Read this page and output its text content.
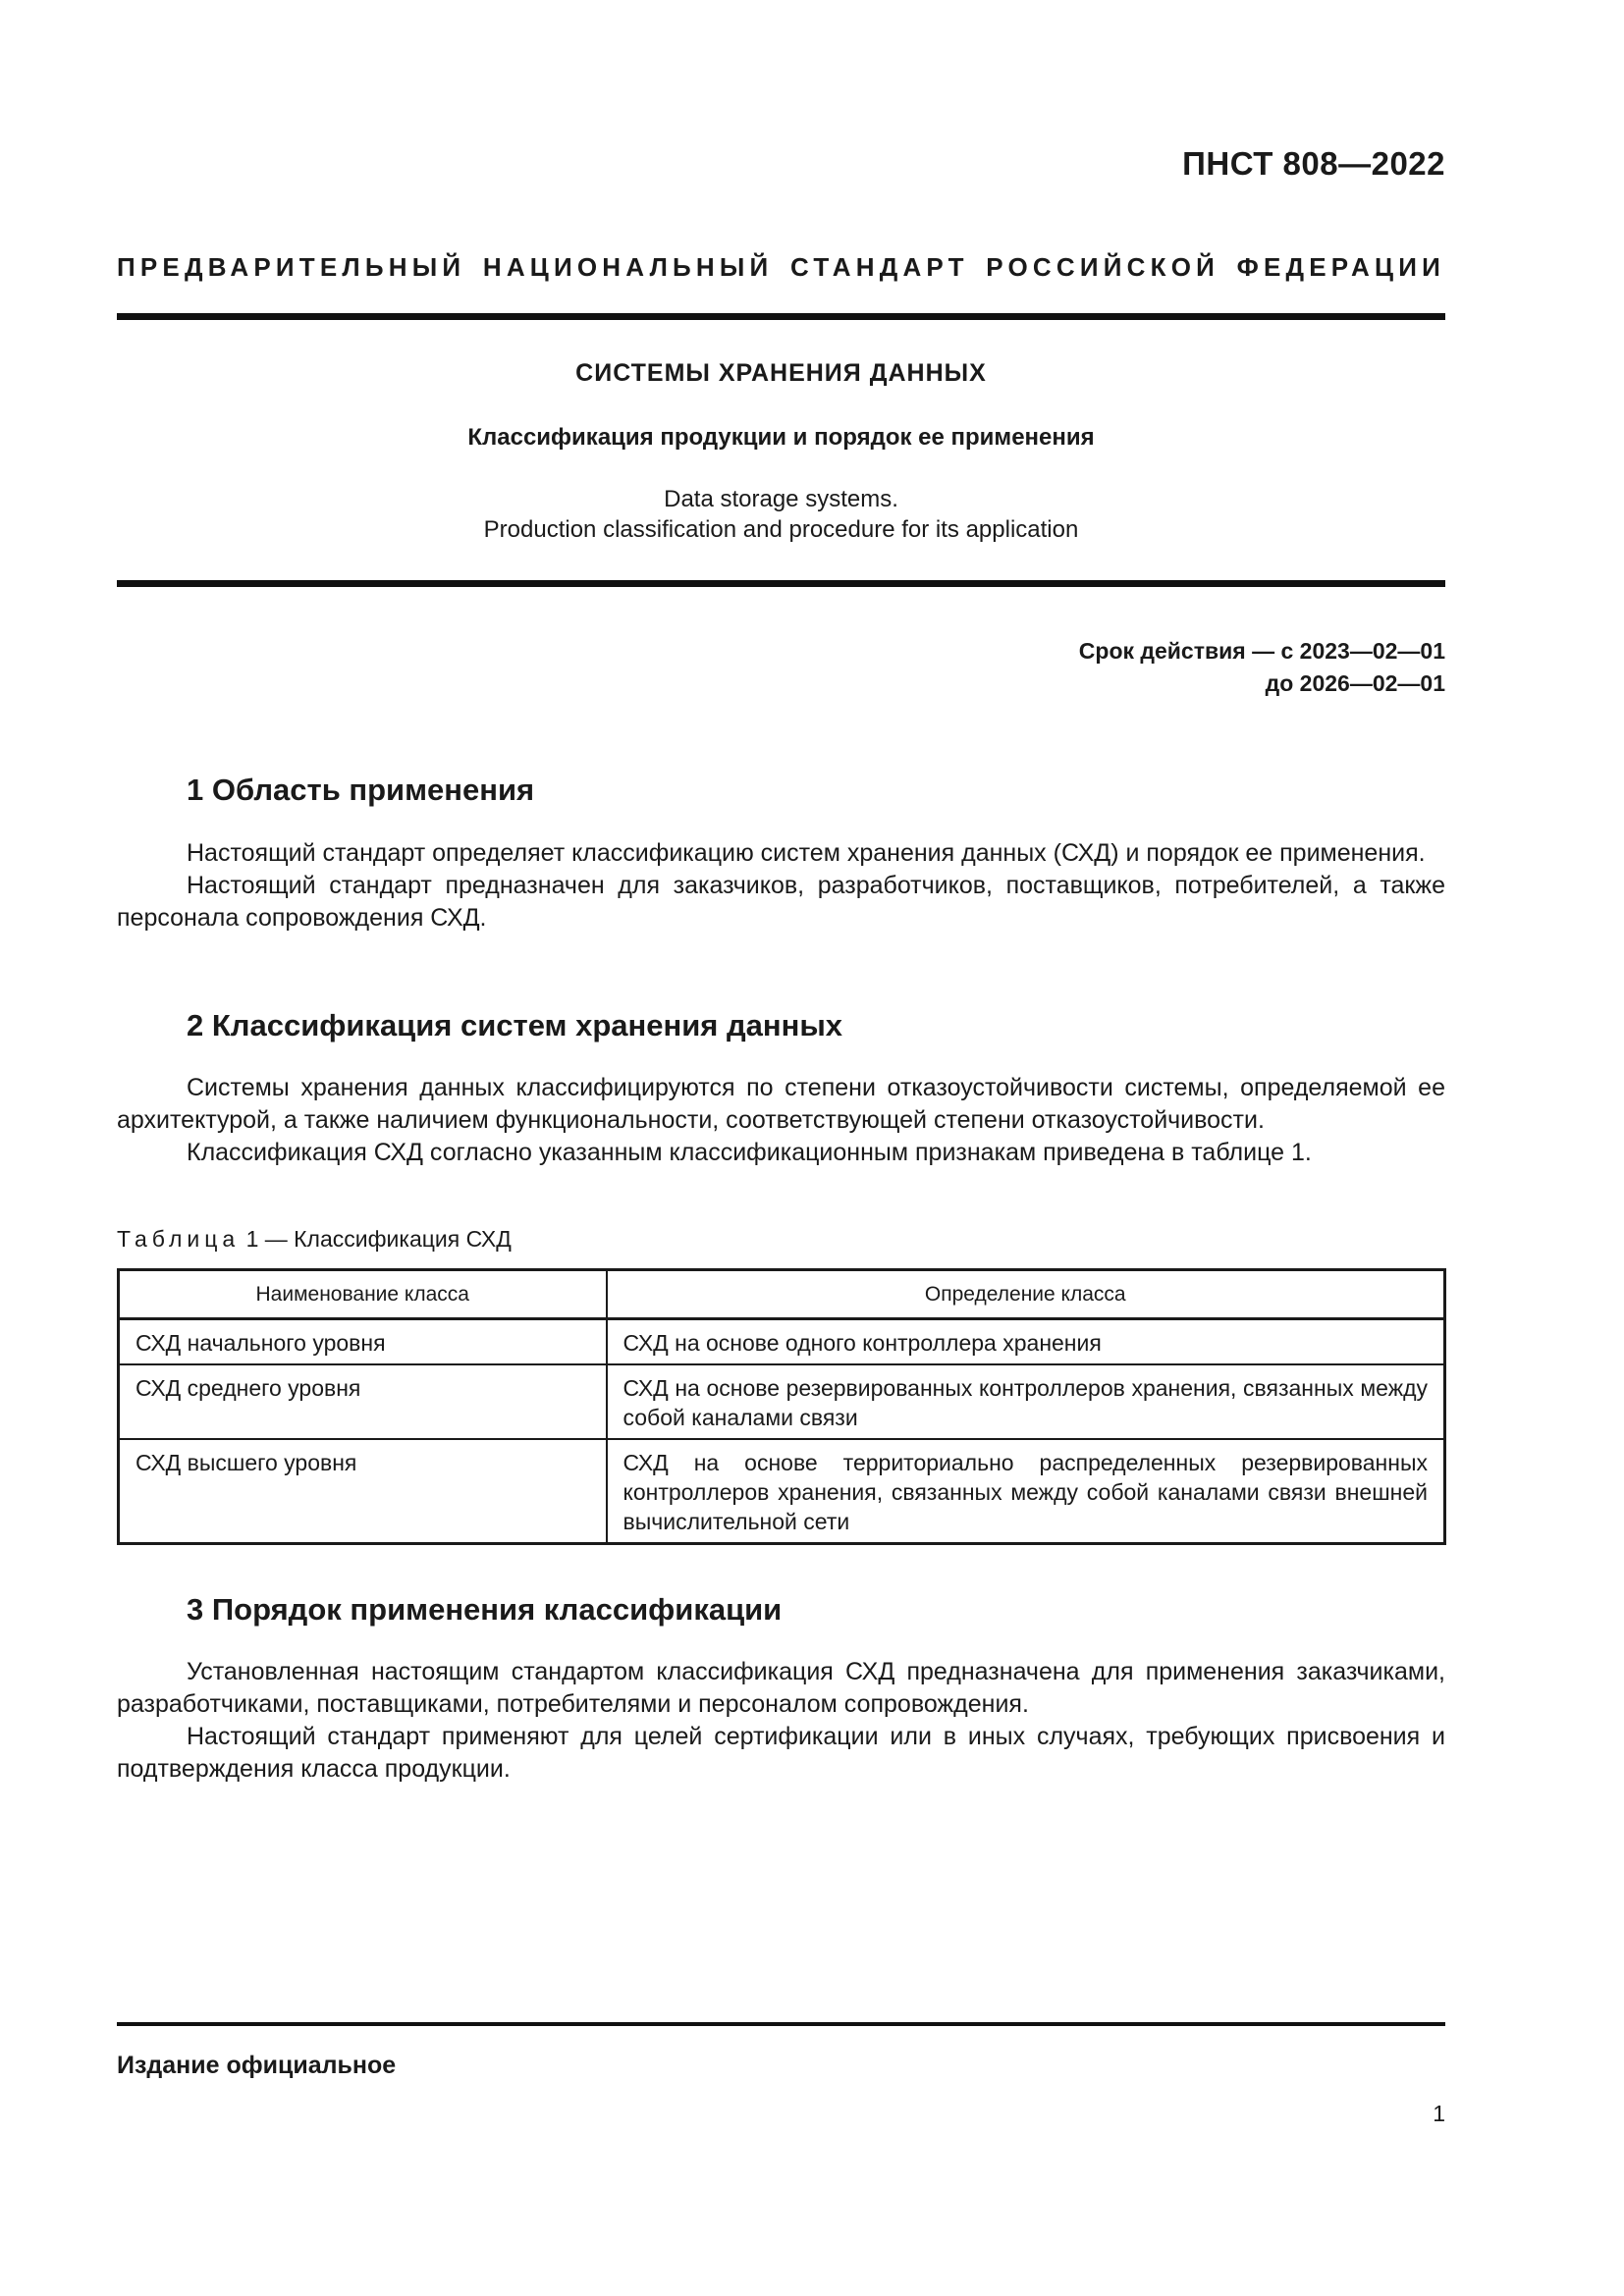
ПНСТ 808—2022
ПРЕДВАРИТЕЛЬНЫЙ НАЦИОНАЛЬНЫЙ СТАНДАРТ РОССИЙСКОЙ ФЕДЕРАЦИИ
СИСТЕМЫ ХРАНЕНИЯ ДАННЫХ
Классификация продукции и порядок ее применения
Data storage systems.
Production classification and procedure for its application
Срок действия — с 2023—02—01
до 2026—02—01
1 Область применения

Настоящий стандарт определяет классификацию систем хранения данных (СХД) и порядок ее применения.

Настоящий стандарт предназначен для заказчиков, разработчиков, поставщиков, потребителей, а также персонала сопровождения СХД.

2 Классификация систем хранения данных

Системы хранения данных классифицируются по степени отказоустойчивости системы, определяемой ее архитектурой, а также наличием функциональности, соответствующей степени отказоустойчивости.

Классификация СХД согласно указанным классификационным признакам приведена в таблице 1.

Таблица 1 — Классификация СХД
Наименование класса	Определение класса
СХД начального уровня	СХД на основе одного контроллера хранения
СХД среднего уровня	СХД на основе резервированных контроллеров хранения, связанных между собой каналами связи
СХД высшего уровня	СХД на основе территориально распределенных резервированных контроллеров хранения, связанных между собой каналами связи внешней вычислительной сети
3 Порядок применения классификации

Установленная настоящим стандартом классификация СХД предназначена для применения заказчиками, разработчиками, поставщиками, потребителями и персоналом сопровождения.

Настоящий стандарт применяют для целей сертификации или в иных случаях, требующих присвоения и подтверждения класса продукции.

Издание официальное
1
